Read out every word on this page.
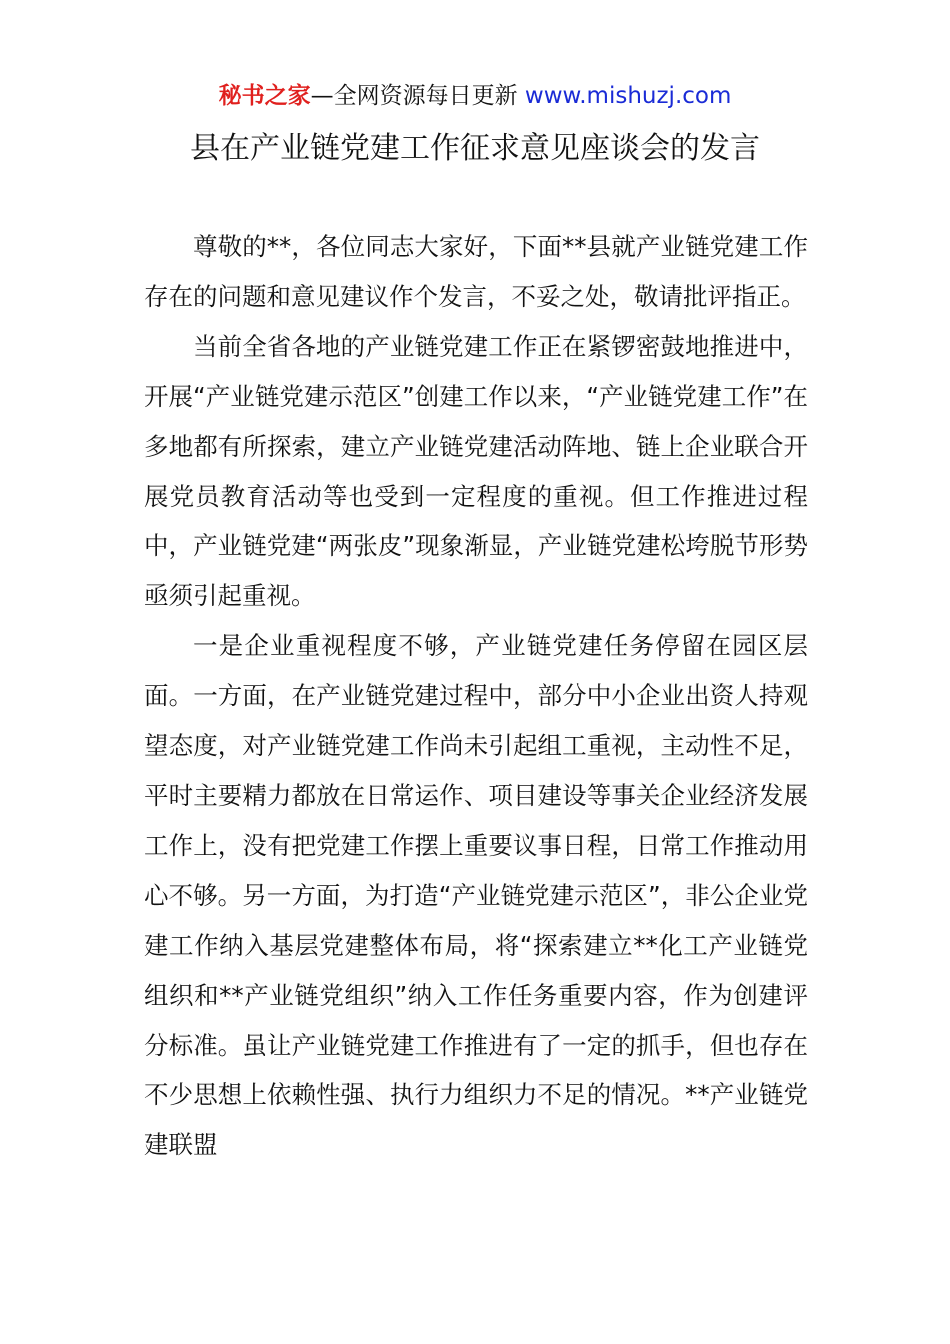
秘书之家—全网资源每日更新 www.mishuzj.com
县在产业链党建工作征求意见座谈会的发言

尊敬的**，各位同志大家好，下面**县就产业链党建工作存在的问题和意见建议作个发言，不妥之处，敬请批评指正。

当前全省各地的产业链党建工作正在紧锣密鼓地推进中，开展“产业链党建示范区”创建工作以来，“产业链党建工作”在多地都有所探索，建立产业链党建活动阵地、链上企业联合开展党员教育活动等也受到一定程度的重视。但工作推进过程中，产业链党建“两张皮”现象渐显，产业链党建松垮脱节形势亟须引起重视。

一是企业重视程度不够，产业链党建任务停留在园区层面。一方面，在产业链党建过程中，部分中小企业出资人持观望态度，对产业链党建工作尚未引起组工重视，主动性不足，平时主要精力都放在日常运作、项目建设等事关企业经济发展工作上，没有把党建工作摆上重要议事日程，日常工作推动用心不够。另一方面，为打造“产业链党建示范区”，非公企业党建工作纳入基层党建整体布局，将“探索建立**化工产业链党组织和**产业链党组织”纳入工作任务重要内容，作为创建评分标准。虽让产业链党建工作推进有了一定的抓手，但也存在不少思想上依赖性强、执行力组织力不足的情况。**产业链党建联盟
